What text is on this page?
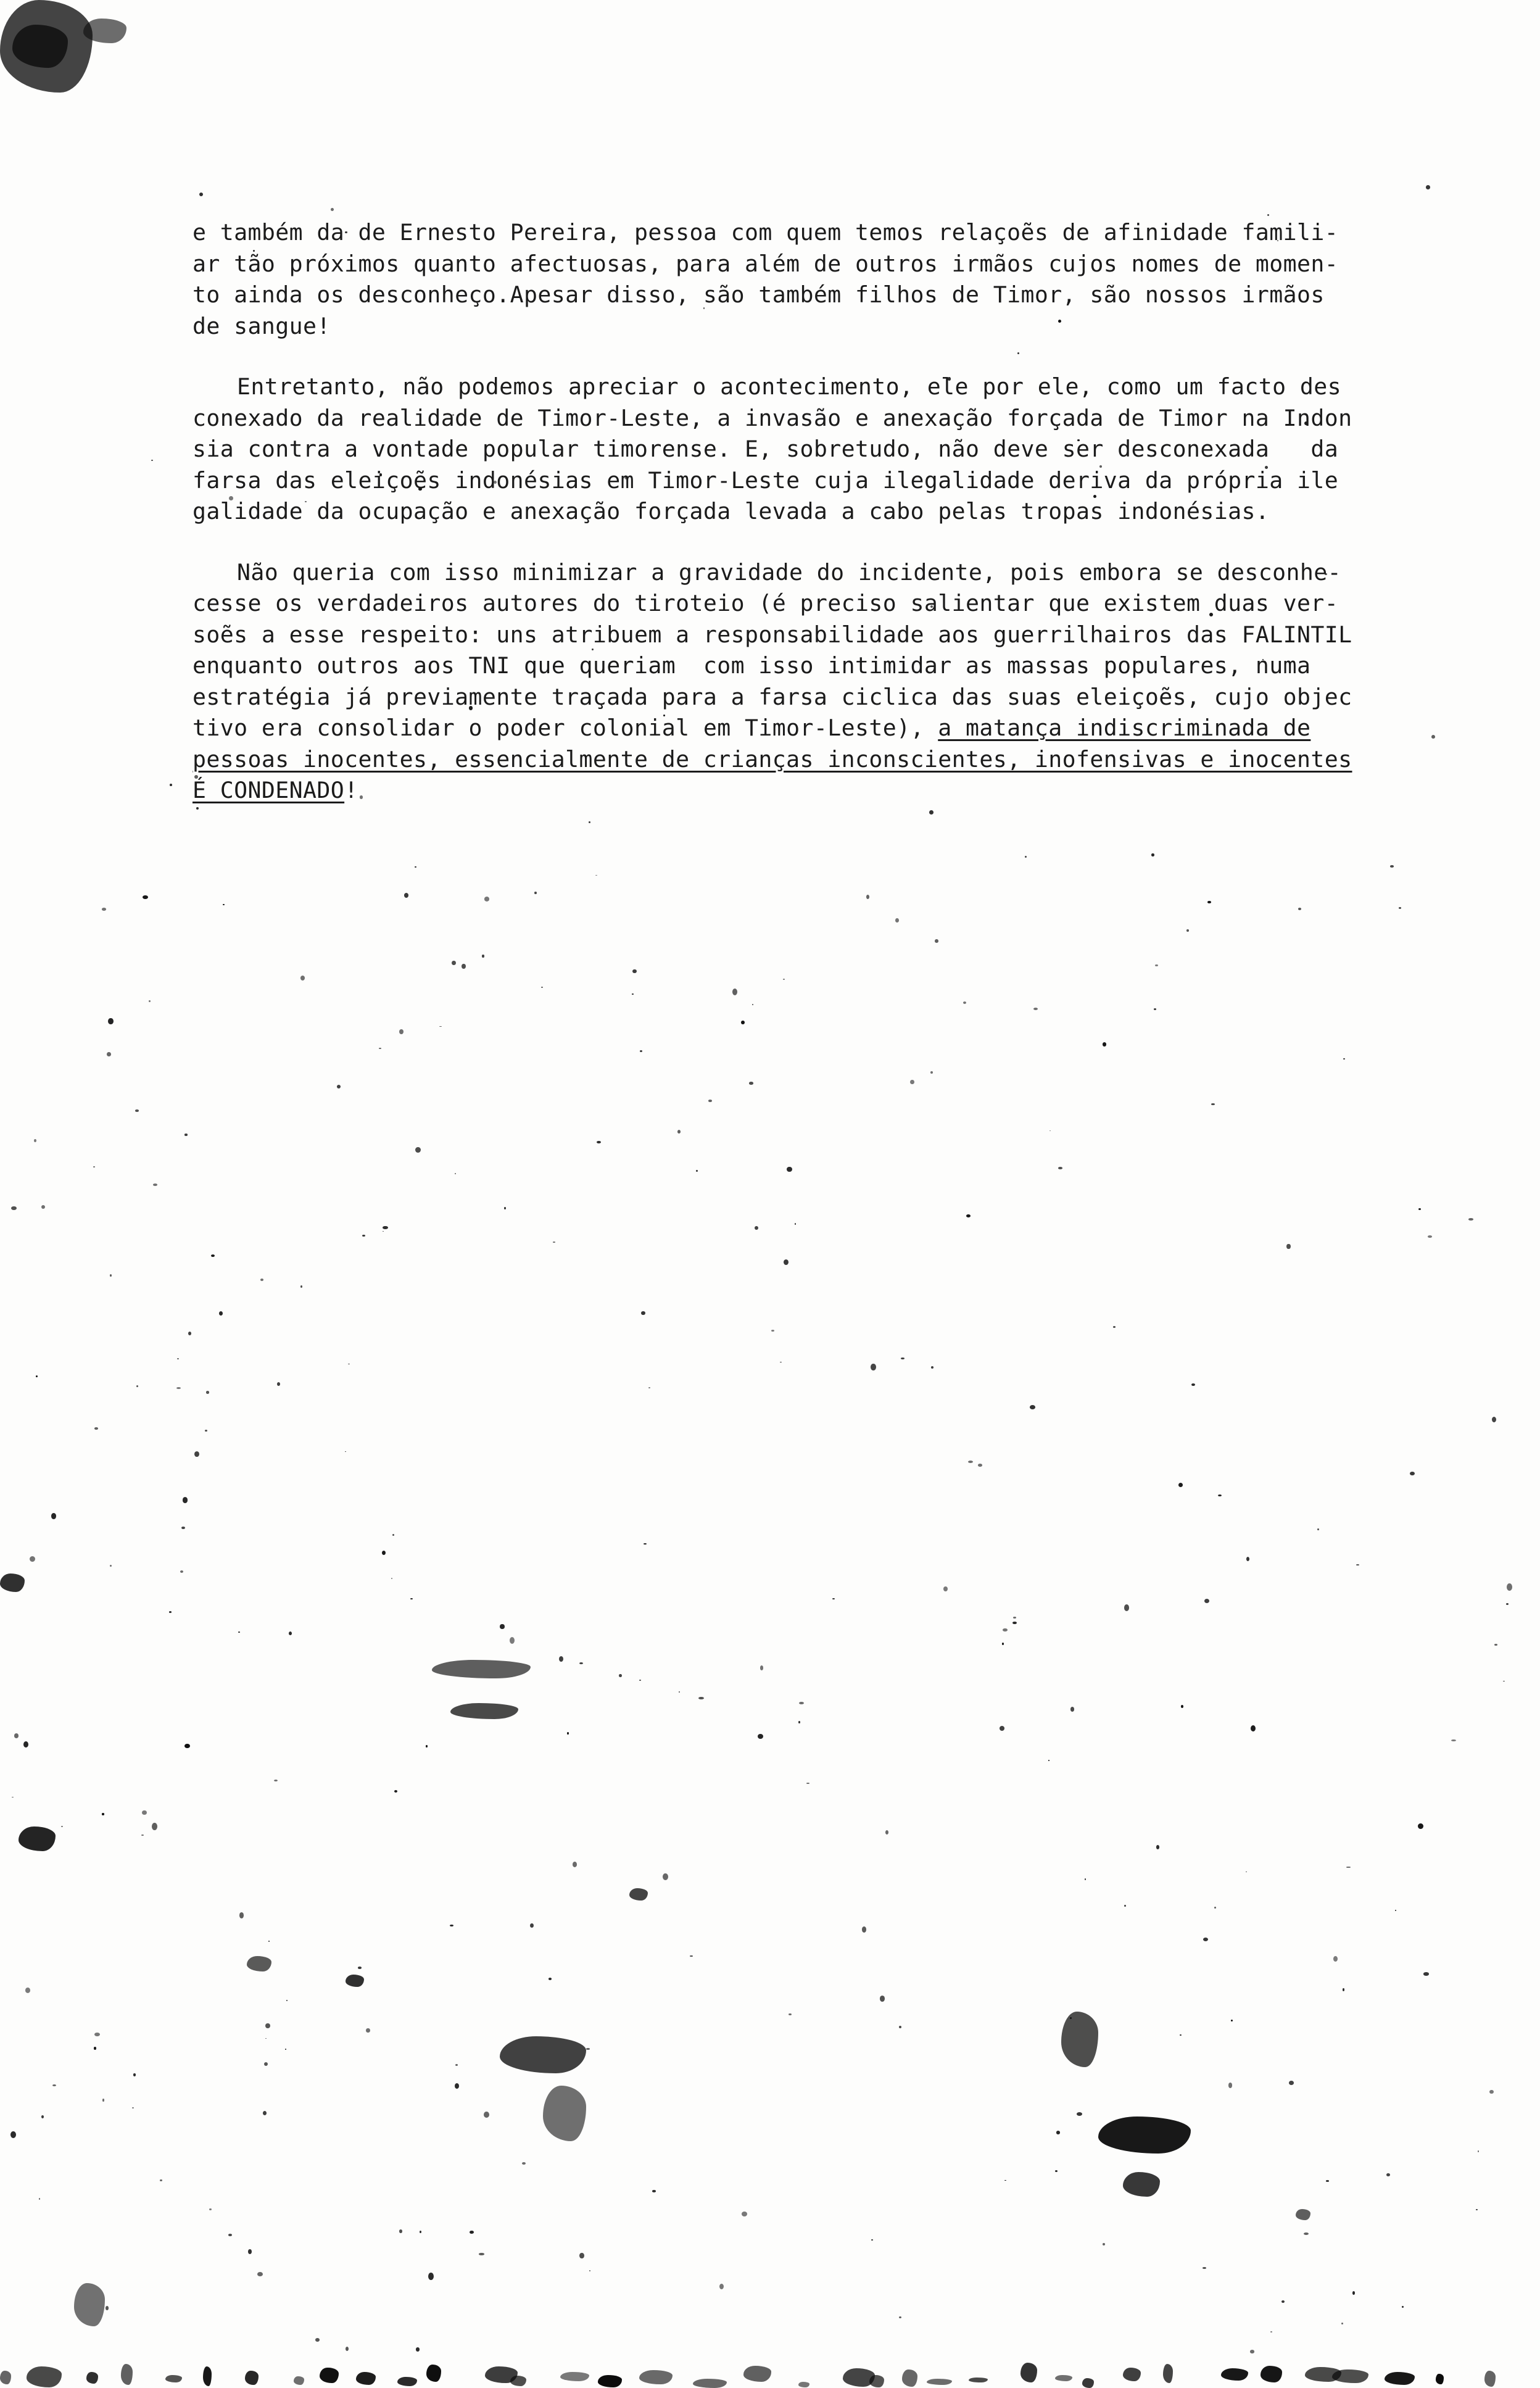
e também da de Ernesto Pereira, pessoa com quem temos relaçoẽs de afinidade famili-
ar tão próximos quanto afectuosas, para além de outros irmãos cujos nomes de momen-
to ainda os desconheço.Apesar disso, são também filhos de Timor, são nossos irmãos
de sangue!
Entretanto, não podemos apreciar o acontecimento, ele por ele, como um facto des
conexado da realidade de Timor-Leste, a invasão e anexação forçada de Timor na Indon
sia contra a vontade popular timorense. E, sobretudo, não deve ser desconexada   da
farsa das eleiçoẽs indonésias em Timor-Leste cuja ilegalidade deriva da própria ile
galidade da ocupação e anexação forçada levada a cabo pelas tropas indonésias.
Não queria com isso minimizar a gravidade do incidente, pois embora se desconhe-
cesse os verdadeiros autores do tiroteio (é preciso salientar que existem duas ver-
soẽs a esse respeito: uns atribuem a responsabilidade aos guerrilhairos das FALINTIL
enquanto outros aos TNI que queriam  com isso intimidar as massas populares, numa
estratégia já previamente traçada para a farsa ciclica das suas eleiçoẽs, cujo objec
tivo era consolidar o poder colonial em Timor-Leste), a matança indiscriminada de
pessoas inocentes, essencialmente de crianças inconscientes, inofensivas e inocentes
É CONDENADO!
